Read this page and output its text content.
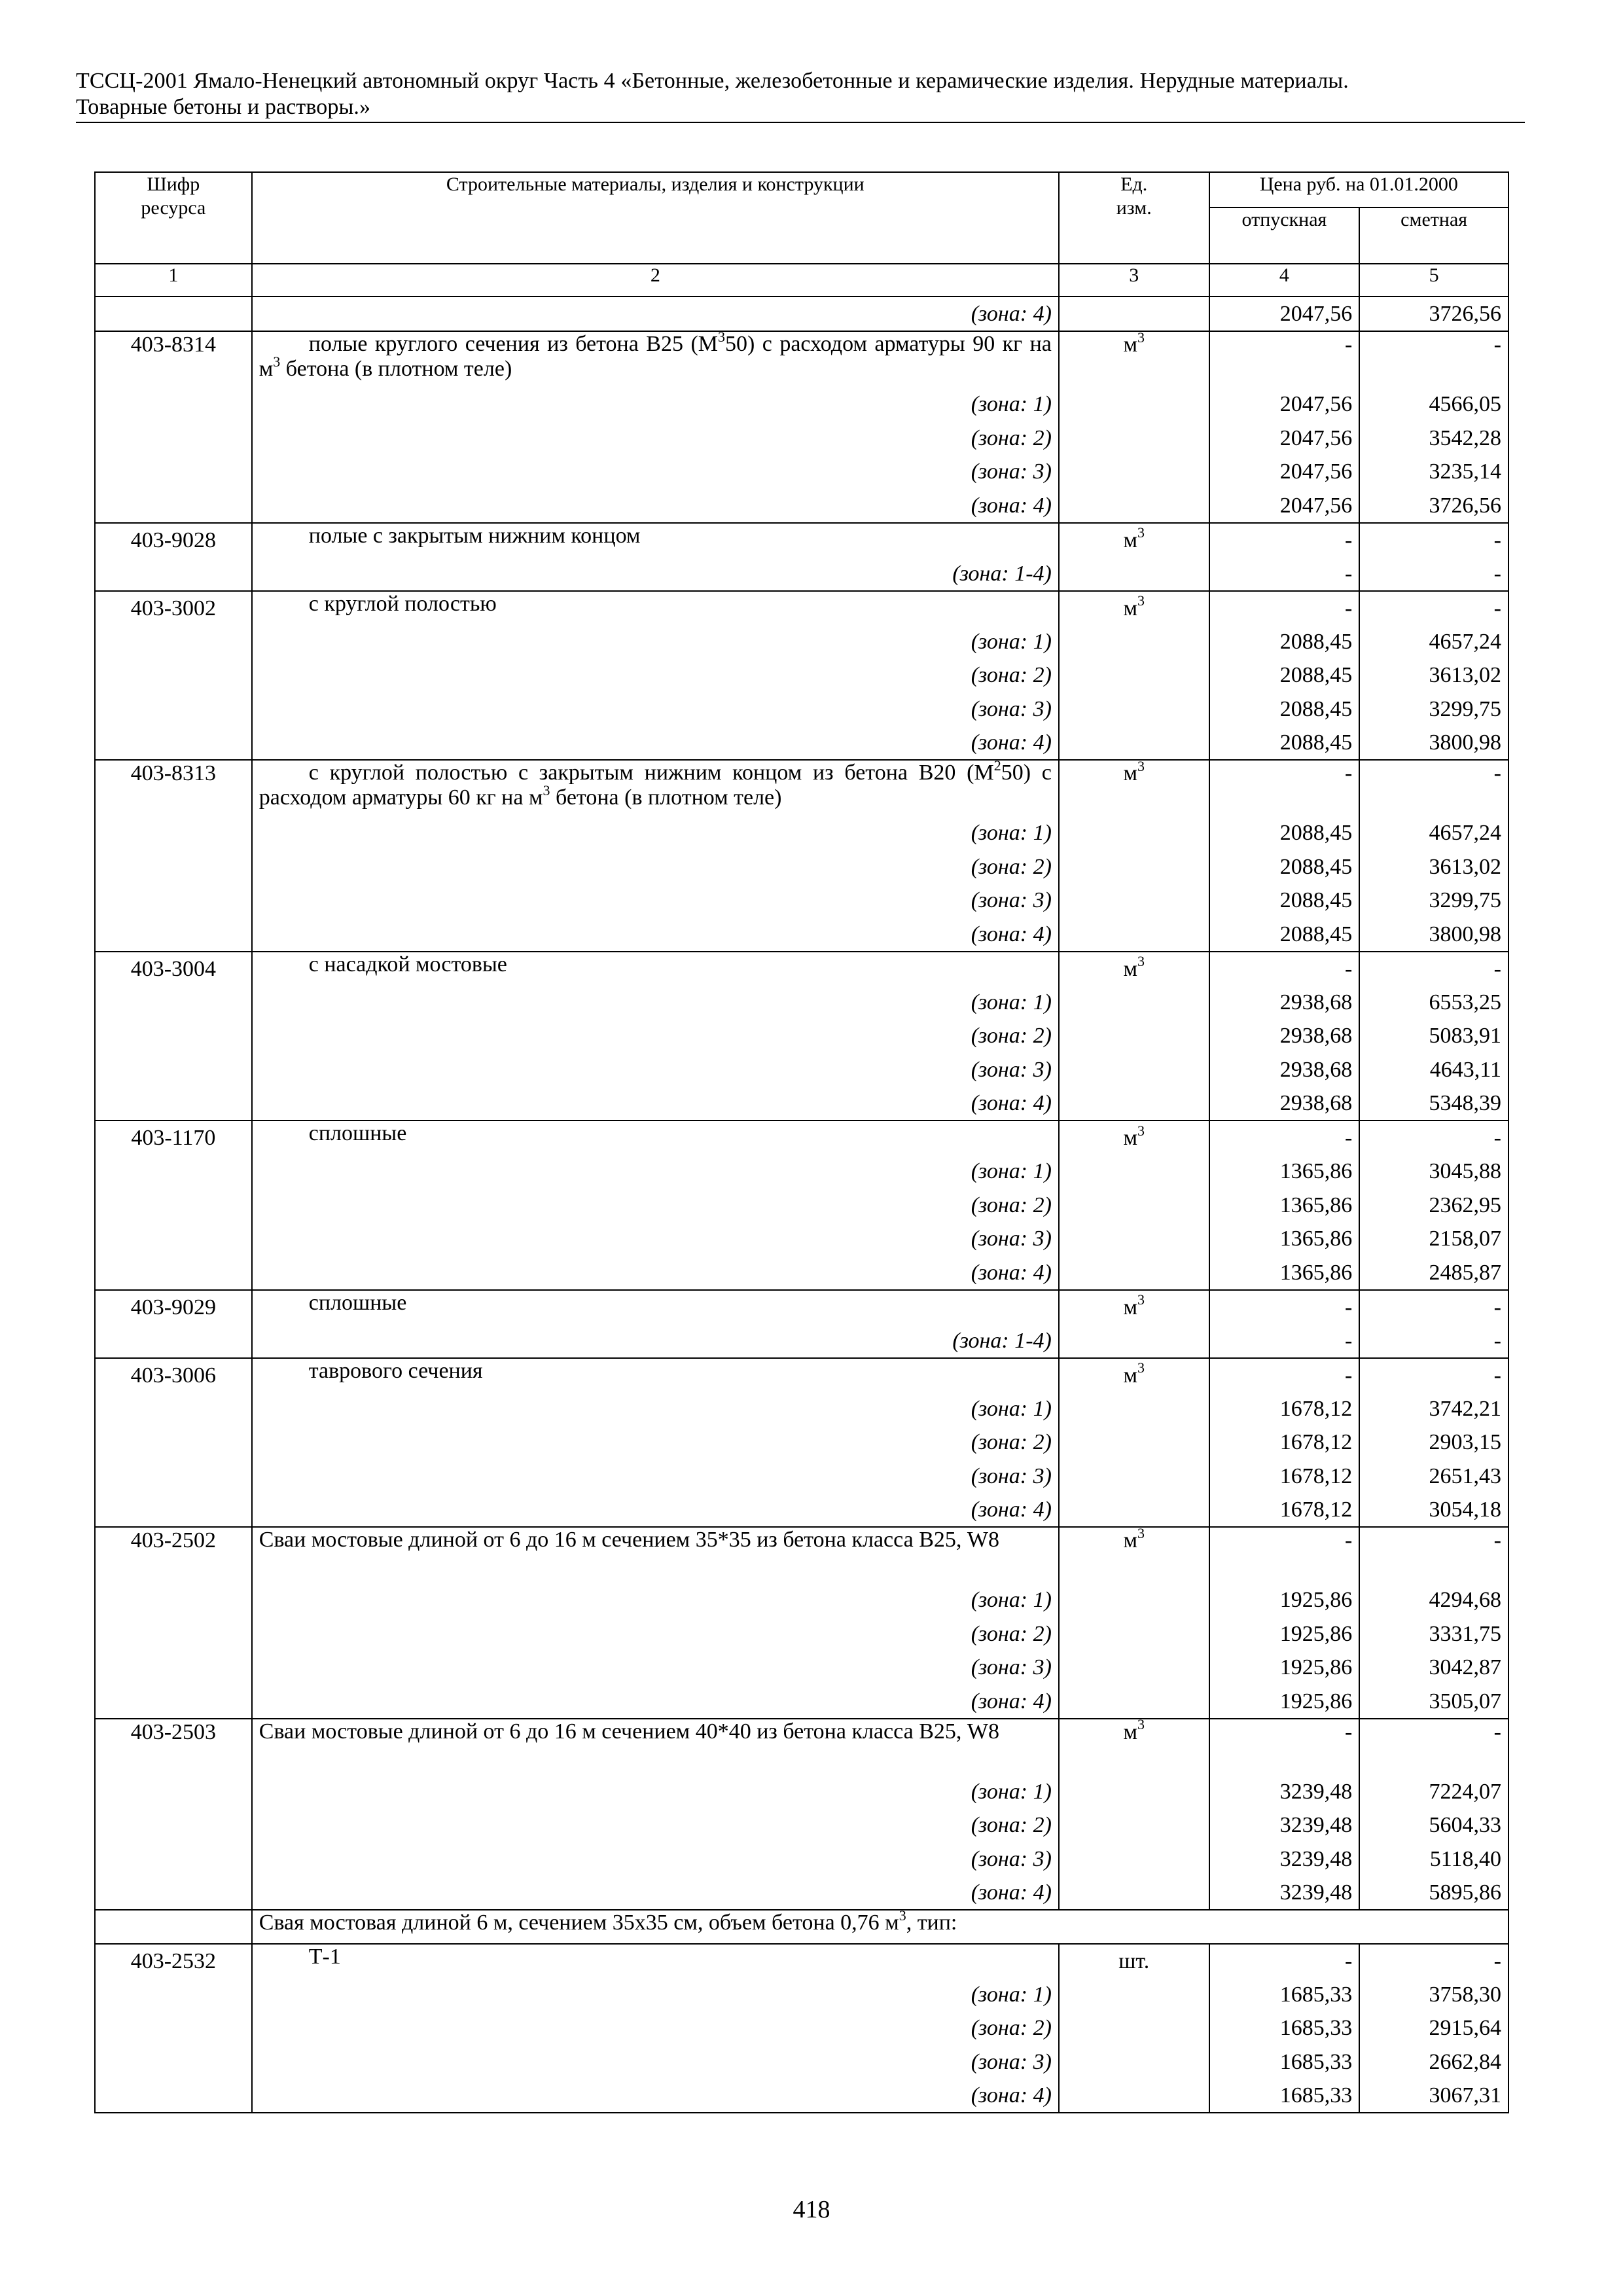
ТССЦ-2001 Ямало-Ненецкий автономный округ Часть 4 «Бетонные, железобетонные и керамические изделия. Нерудные материалы.
Товарные бетоны и растворы.»
Шифр ресурса	Строительные материалы, изделия и конструкции	Ед. изм.	Цена руб. на 01.01.2000	
			отпускная	сметная
1	2	3	4	5
	(зона: 4)		2047,56	3726,56
403-8314	полые круглого сечения из бетона В25 $(М^350)$ с расходом арматуры 90 кг на $м^3$ бетона (в плотном теле)	$м^3$	-	-
	(зона: 1)		2047,56	4566,05
	(зона: 2)		2047,56	3542,28
	(зона: 3)		2047,56	3235,14
	(зона: 4)		2047,56	3726,56
403-9028	полые с закрытым нижним концом	$м^3$	-	-
	(зона: 1-4)		-	-
403-3002	с круглой полостью	$м^3$	-	-
	(зона: 1)		2088,45	4657,24
	(зона: 2)		2088,45	3613,02
	(зона: 3)		2088,45	3299,75
	(зона: 4)		2088,45	3800,98
403-8313	с круглой полостью с закрытым нижним концом из бетона В20 $(М^250)$ с расходом арматуры 60 кг на $м^3$ бетона (в плотном теле)	$м^3$	-	-
	(зона: 1)		2088,45	4657,24
	(зона: 2)		2088,45	3613,02
	(зона: 3)		2088,45	3299,75
	(зона: 4)		2088,45	3800,98
403-3004	с насадкой мостовые	$м^3$	-	-
	(зона: 1)		2938,68	6553,25
	(зона: 2)		2938,68	5083,91
	(зона: 3)		2938,68	4643,11
	(зона: 4)		2938,68	5348,39
403-1170	сплошные	$м^3$	-	-
	(зона: 1)		1365,86	3045,88
	(зона: 2)		1365,86	2362,95
	(зона: 3)		1365,86	2158,07
	(зона: 4)		1365,86	2485,87
403-9029	сплошные	$м^3$	-	-
	(зона: 1-4)		-	-
403-3006	таврового сечения	$м^3$	-	-
	(зона: 1)		1678,12	3742,21
	(зона: 2)		1678,12	2903,15
	(зона: 3)		1678,12	2651,43
	(зона: 4)		1678,12	3054,18
403-2502	Сваи мостовые длиной от 6 до 16 м сечением 35*35 из бетона класса В25, W8	$м^3$	-	-
	(зона: 1)		1925,86	4294,68
	(зона: 2)		1925,86	3331,75
	(зона: 3)		1925,86	3042,87
	(зона: 4)		1925,86	3505,07
403-2503	Сваи мостовые длиной от 6 до 16 м сечением 40*40 из бетона класса В25, W8	$м^3$	-	-
	(зона: 1)		3239,48	7224,07
	(зона: 2)		3239,48	5604,33
	(зона: 3)		3239,48	5118,40
	(зона: 4)		3239,48	5895,86
	Свая мостовая длиной 6 м, сечением 35х35 см, объем бетона 0,76 $м^3$, тип:			
403-2532	Т-1	шт.	-	-
	(зона: 1)		1685,33	3758,30
	(зона: 2)		1685,33	2915,64
	(зона: 3)		1685,33	2662,84
	(зона: 4)		1685,33	3067,31
418
